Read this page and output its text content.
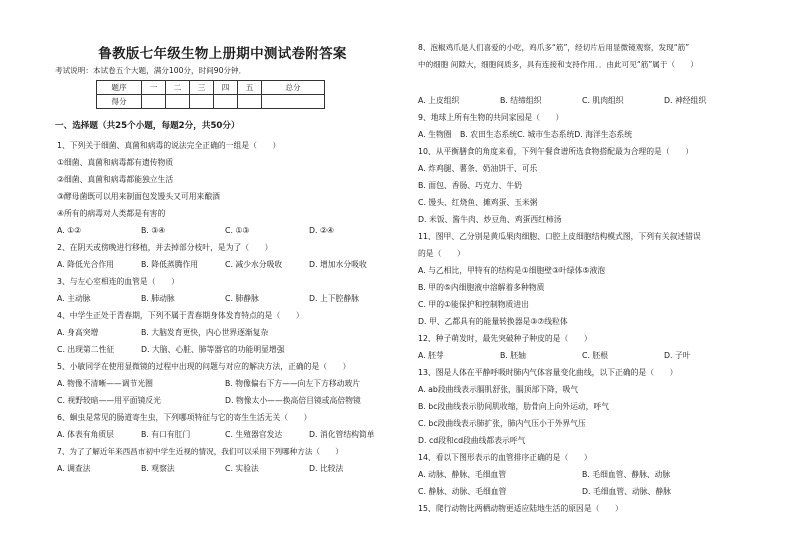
鲁教版七年级生物上册期中测试卷附答案
考试说明：本试卷五个大题，满分100分，时间90分钟．
题序	一	二	三	四	五	总分
得分						
一、选择题（共25个小题，每题2分，共50分）
1、下列关于细菌、真菌和病毒的说法完全正确的一组是（　　）
①细菌、真菌和病毒都有遗传物质
②细菌、真菌和病毒都能独立生活
③酵母菌既可以用来制面包发馒头又可用来酿酒
④所有的病毒对人类都是有害的
A. ①②	B. ③④	C. ①③	D. ②④
2、在阴天或傍晚进行移植，并去掉部分枝叶，是为了（　　）
A. 降低光合作用	B. 降低蒸腾作用	C. 减少水分吸收	D. 增加水分吸收
3、与左心室相连的血管是（　　）
A. 主动脉	B. 肺动脉	C. 肺静脉	D. 上下腔静脉
4、中学生正处于青春期，下列不属于青春期身体发育特点的是（　　）
A. 身高突增	B. 大脑发育更快，内心世界逐渐复杂
C. 出现第二性征	D. 大脑、心脏、肺等器官的功能明显增强
5、小敏同学在使用显微镜的过程中出现的问题与对应的解决方法，正确的是（　　）
A. 物像不清晰——调节光圈	B. 物像偏右下方——向左下方移动玻片
C. 视野较暗——用平面镜反光	D. 物像太小——换高倍目镜或高倍物镜
6、蛔虫是常见的肠道寄生虫，下列哪项特征与它的寄生生活无关（　　）
A. 体表有角质层	B. 有口有肛门	C. 生殖器官发达	D. 消化管结构简单
7、为了了解近年来西昌市初中学生近视的情况，我们可以采用下列哪种方法（　　）
A. 调查法	B. 观察法	C. 实验法	D. 比较法
8、泡椒鸡爪是人们喜爱的小吃，鸡爪多“筋”，经切片后用显微镜观察，发现“筋”
中的细胞 间隙大，细胞间质多，具有连接和支持作用．．由此可见“筋”属于（　　）
A. 上皮组织	B. 结缔组织	C. 肌肉组织	D. 神经组织
9、地球上所有生物的共同家园是（　　）
A. 生物圈 B. 农田生态系统C. 城市生态系统D. 海洋生态系统
10、从平衡膳食的角度来看，下列午餐食谱所选食物搭配最为合理的是（　　）
A. 炸鸡腿、薯条、奶油饼干、可乐
B. 面包、香肠、巧克力、牛奶
C. 馒头、红烧鱼、摊鸡蛋、玉米粥
D. 米饭、酱牛肉、炒豆角、鸡蛋西红柿汤
11、图甲、乙分别是黄瓜果肉细胞、口腔上皮细胞结构模式图，下列有关叙述错误
的是（　　）
A. 与乙相比，甲特有的结构是①细胞壁③叶绿体⑤液泡
B. 甲的⑤内细胞液中溶解着多种物质
C. 甲的①能保护和控制物质进出
D. 甲、乙都具有的能量转换器是③⑦线粒体
12、种子萌发时，最先突破种子种皮的是（　　）
A. 胚芽	B. 胚轴	C. 胚根	D. 子叶
13、图是人体在平静呼吸时肺内气体容量变化曲线，以下正确的是（　　）
A. ab段曲线表示膈肌舒张，膈顶部下降，吸气
B. bc段曲线表示肋间肌收缩，肋骨向上向外运动，呼气
C. bc段曲线表示肺扩张，肺内气压小于外界气压
D. cd段和cd段曲线都表示呼气
14、看以下图形表示的血管排序正确的是（　　）
A. 动脉、静脉、毛细血管	B. 毛细血管、静脉、动脉
C. 静脉、动脉、毛细血管	D. 毛细血管、动脉、静脉
15、爬行动物比两栖动物更适应陆地生活的原因是（　　）
